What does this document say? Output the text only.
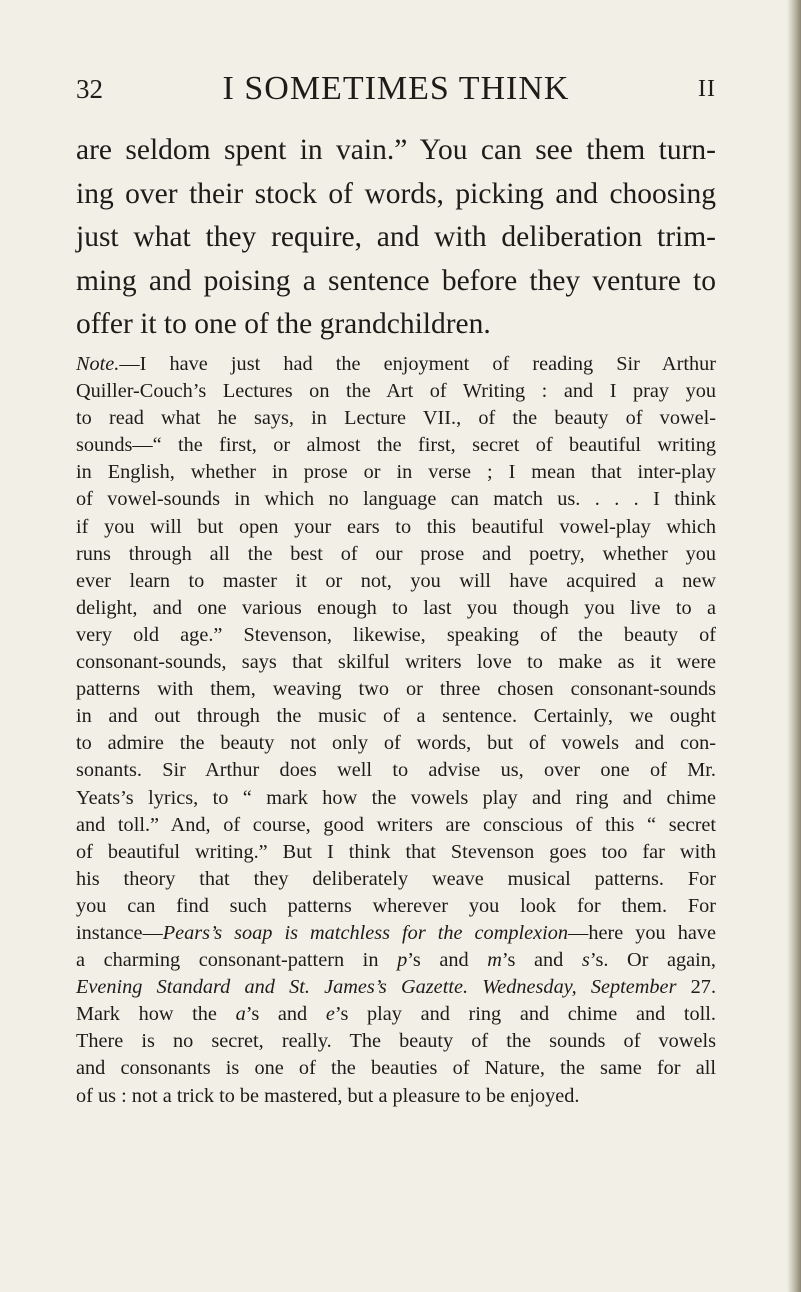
32	I SOMETIMES THINK	II
are seldom spent in vain.” You can see them turn-
ing over their stock of words, picking and choosing
just what they require, and with deliberation trim-
ming and poising a sentence before they venture to
offer it to one of the grandchildren.
Note.—I have just had the enjoyment of reading Sir Arthur
Quiller-Couch’s Lectures on the Art of Writing : and I pray you
to read what he says, in Lecture VII., of the beauty of vowel-
sounds—“ the first, or almost the first, secret of beautiful writing
in English, whether in prose or in verse ; I mean that inter-play
of vowel-sounds in which no language can match us. . . . I think
if you will but open your ears to this beautiful vowel-play which
runs through all the best of our prose and poetry, whether you
ever learn to master it or not, you will have acquired a new
delight, and one various enough to last you though you live to a
very old age.” Stevenson, likewise, speaking of the beauty of
consonant-sounds, says that skilful writers love to make as it were
patterns with them, weaving two or three chosen consonant-sounds
in and out through the music of a sentence. Certainly, we ought
to admire the beauty not only of words, but of vowels and con-
sonants. Sir Arthur does well to advise us, over one of Mr.
Yeats’s lyrics, to “ mark how the vowels play and ring and chime
and toll.” And, of course, good writers are conscious of this “ secret
of beautiful writing.” But I think that Stevenson goes too far with
his theory that they deliberately weave musical patterns. For
you can find such patterns wherever you look for them. For
instance—Pears’s soap is matchless for the complexion—here you have
a charming consonant-pattern in p’s and m’s and s’s. Or again,
Evening Standard and St. James’s Gazette. Wednesday, September 27.
Mark how the a’s and e’s play and ring and chime and toll.
There is no secret, really. The beauty of the sounds of vowels
and consonants is one of the beauties of Nature, the same for all
of us : not a trick to be mastered, but a pleasure to be enjoyed.
